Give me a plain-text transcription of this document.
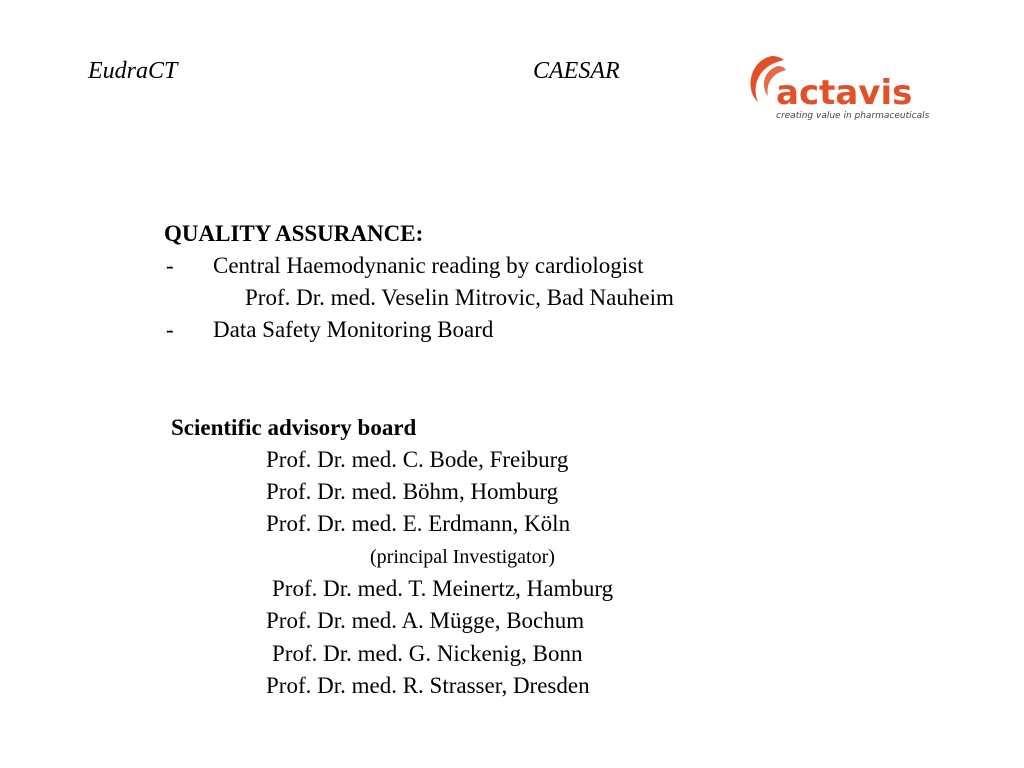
EudraCT	CAESAR
actavis
creating value in pharmaceuticals
QUALITY ASSURANCE:
- Central Haemodynanic reading by cardiologist
Prof. Dr. med. Veselin Mitrovic, Bad Nauheim
- Data Safety Monitoring Board
Scientific advisory board
Prof. Dr. med. C. Bode, Freiburg
Prof. Dr. med. Böhm, Homburg
Prof. Dr. med. E. Erdmann, Köln
(principal Investigator)
Prof. Dr. med. T. Meinertz, Hamburg
Prof. Dr. med. A. Mügge, Bochum
Prof. Dr. med. G. Nickenig, Bonn
Prof. Dr. med. R. Strasser, Dresden
